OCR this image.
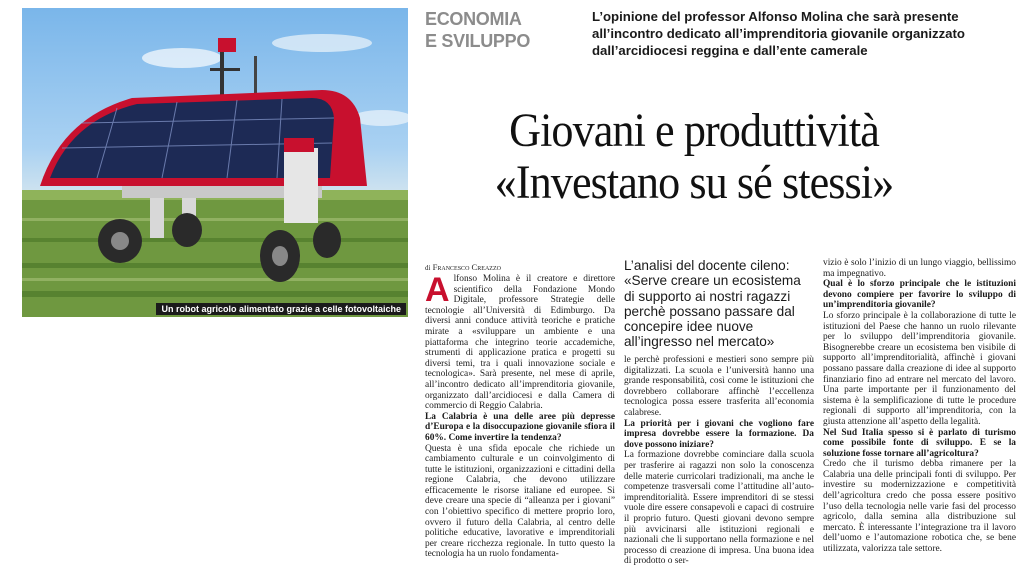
Un robot agricolo alimentato grazie a celle fotovoltaiche
ECONOMIA
E SVILUPPO
L’opinione del professor Alfonso Molina che sarà presente all’incontro dedicato all’imprenditoria giovanile organizzato dall’arcidiocesi reggina e dall’ente camerale
Giovani e produttività
«Investano su sé stessi»
di Francesco Creazzo

Alfonso Molina è il creatore e direttore scientifico della Fondazione Mondo Digitale, professore Strategie delle tecnologie all’Università di Edimburgo. Da diversi anni conduce attività teoriche e pratiche mirate a «sviluppare un ambiente e una piattaforma che integrino teorie accademiche, strumenti di applicazione pratica e progetti su diversi temi, tra i quali innovazione sociale e tecnologica». Sarà presente, nel mese di aprile, all’incontro dedicato all’imprenditoria giovanile, organizzato dall’arcidiocesi e dalla Camera di commercio di Reggio Calabria.

La Calabria è una delle aree più depresse d’Europa e la disoccupazione giovanile sfiora il 60%. Come invertire la tendenza?

Questa è una sfida epocale che richiede un cambiamento culturale e un coinvolgimento di tutte le istituzioni, organizzazioni e cittadini della regione Calabria, che devono utilizzare efficacemente le risorse italiane ed europee. Si deve creare una specie di “alleanza per i giovani” con l’obiettivo specifico di mettere proprio loro, ovvero il futuro della Calabria, al centro delle politiche educative, lavorative e imprenditoriali per creare ricchezza regionale. In tutto questo la tecnologia ha un ruolo fondamenta-

L’analisi del docente cileno:
«Serve creare un ecosistema di supporto ai nostri ragazzi perchè possano passare dal concepire idee nuove all’ingresso nel mercato»

le perchè professioni e mestieri sono sempre più digitalizzati. La scuola e l’università hanno una grande responsabilità, così come le istituzioni che dovrebbero collaborare affinchè l’eccellenza tecnologica possa essere trasferita all’economia calabrese.

La priorità per i giovani che vogliono fare impresa dovrebbe essere la formazione. Da dove possono iniziare?

La formazione dovrebbe cominciare dalla scuola per trasferire ai ragazzi non solo la conoscenza delle materie curricolari tradizionali, ma anche le competenze trasversali come l’attitudine all’auto-imprenditorialità. Essere imprenditori di se stessi vuole dire essere consapevoli e capaci di costruire il proprio futuro. Questi giovani devono sempre più avvicinarsi alle istituzioni regionali e nazionali che li supportano nella formazione e nel processo di creazione di impresa. Una buona idea di prodotto o ser-

vizio è solo l’inizio di un lungo viaggio, bellissimo ma impegnativo.

Qual è lo sforzo principale che le istituzioni devono compiere per favorire lo sviluppo di un’imprenditoria giovanile?

Lo sforzo principale è la collaborazione di tutte le istituzioni del Paese che hanno un ruolo rilevante per lo sviluppo dell’imprenditoria giovanile. Bisognerebbe creare un ecosistema ben visibile di supporto all’imprenditorialità, affinchè i giovani possano passare dalla creazione di idee al supporto finanziario fino ad entrare nel mercato del lavoro. Una parte importante per il funzionamento del sistema è la semplificazione di tutte le procedure regionali di supporto all’imprenditoria, con la giusta attenzione all’aspetto della legalità.

Nel Sud Italia spesso si è parlato di turismo come possibile fonte di sviluppo. E se la soluzione fosse tornare all’agricoltura?

Credo che il turismo debba rimanere per la Calabria una delle principali fonti di sviluppo. Per investire su modernizzazione e competitività dell’agricoltura credo che possa essere positivo l’uso della tecnologia nelle varie fasi del processo agricolo, dalla semina alla distribuzione sul mercato. È interessante l’integrazione tra il lavoro dell’uomo e l’automazione robotica che, se bene utilizzata, valorizza tale settore.
